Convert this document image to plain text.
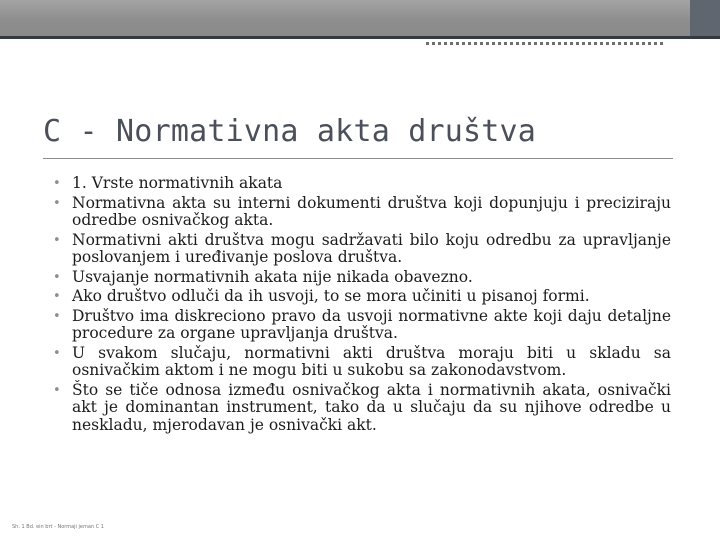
C - Normativna akta društva
• 1. Vrste normativnih akata
• Normativna akta su interni dokumenti društva koji dopunjuju i preciziraju odredbe osnivačkog akta.
• Normativni akti društva mogu sadržavati bilo koju odredbu za upravljanje poslovanjem i uređivanje poslova društva.
• Usvajanje normativnih akata nije nikada obavezno.
• Ako društvo odluči da ih usvoji, to se mora učiniti u pisanoj formi.
• Društvo ima diskreciono pravo da usvoji normativne akte koji daju detaljne procedure za organe upravljanja društva.
• U svakom slučaju, normativni akti društva moraju biti u skladu sa osnivačkim aktom i ne mogu biti u sukobu sa zakonodavstvom.
• Što se tiče odnosa između osnivačkog akta i normativnih akata, osnivački akt je dominantan instrument, tako da u slučaju da su njihove odredbe u neskladu, mjerodavan je osnivački akt.
Sh. 1 Bd. ein brt - Normaji jeman C 1
